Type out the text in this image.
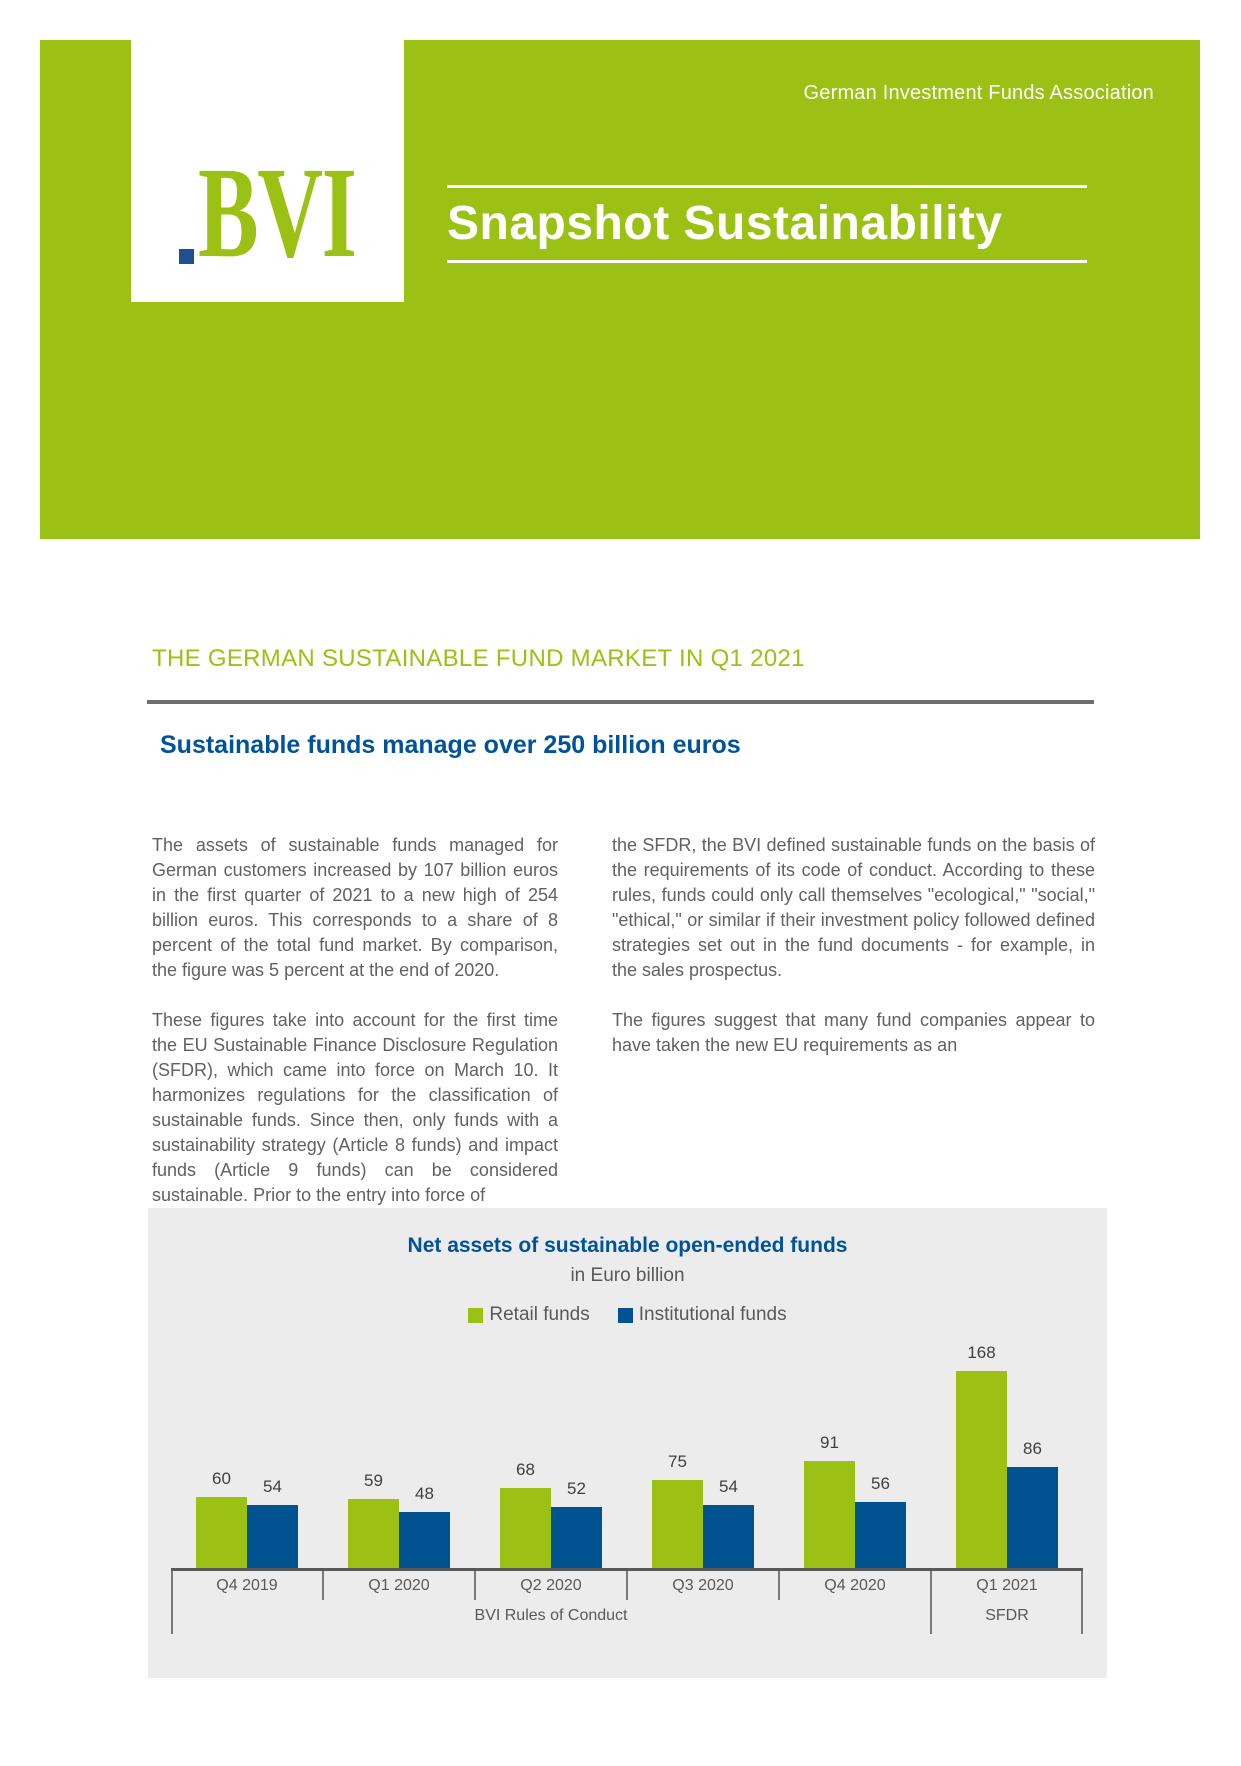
German Investment Funds Association
BVI Snapshot Sustainability
THE GERMAN SUSTAINABLE FUND MARKET IN Q1 2021
Sustainable funds manage over 250 billion euros

The assets of sustainable funds managed for German customers increased by 107 billion euros in the first quarter of 2021 to a new high of 254 billion euros. This corresponds to a share of 8 percent of the total fund market. By comparison, the figure was 5 percent at the end of 2020.

These figures take into account for the first time the EU Sustainable Finance Disclosure Regulation (SFDR), which came into force on March 10. It harmonizes regulations for the classification of sustainable funds. Since then, only funds with a sustainability strategy (Article 8 funds) and impact funds (Article 9 funds) can be considered sustainable. Prior to the entry into force of

the SFDR, the BVI defined sustainable funds on the basis of the requirements of its code of conduct. According to these rules, funds could only call themselves "ecological," "social," "ethical," or similar if their investment policy followed defined strategies set out in the fund documents - for example, in the sales prospectus.

The figures suggest that many fund companies appear to have taken the new EU requirements as an

Net assets of sustainable open-ended funds
in Euro billion
Retail funds	Institutional funds
60	54	59
48
68
52
75
54
91
56
168
86
Q4 2019	Q1 2020	Q2 2020	Q3 2020	Q4 2020	Q1 2021
BVI Rules of Conduct	SFDR
